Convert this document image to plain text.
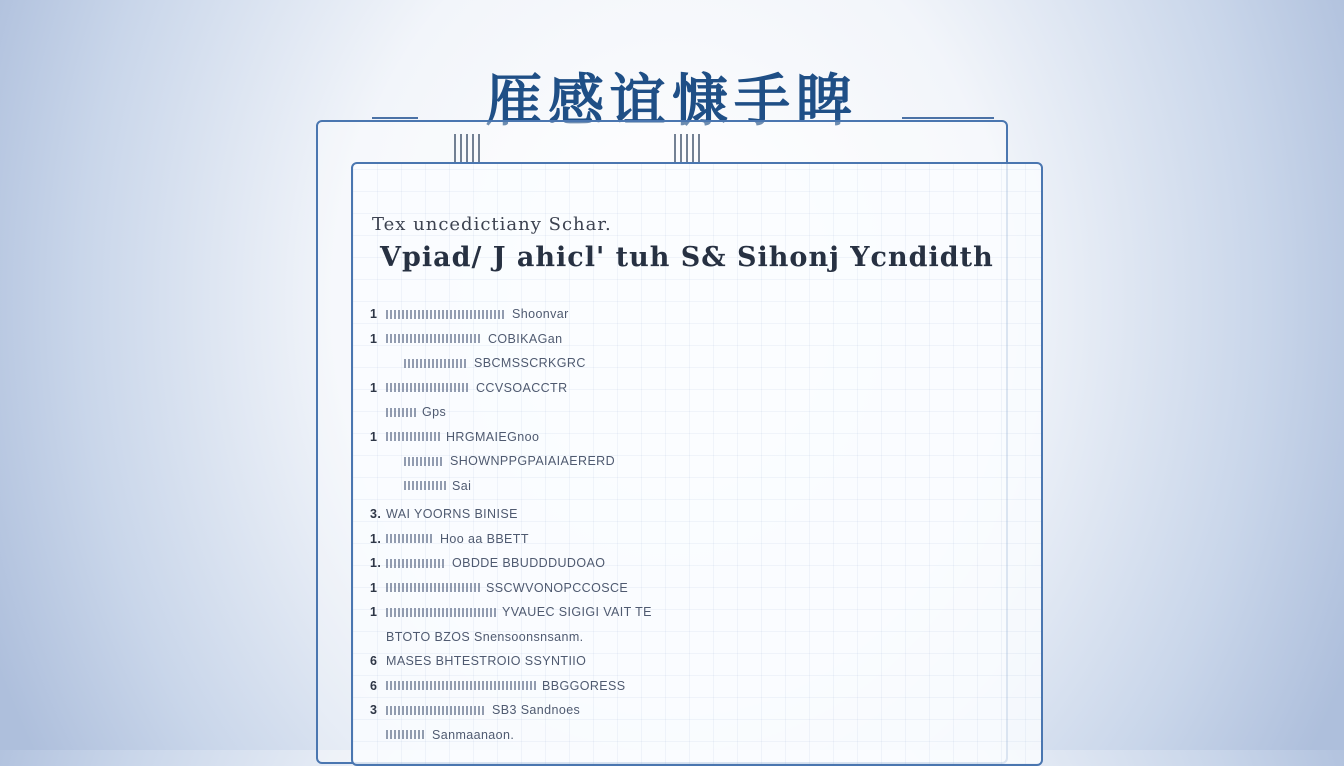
㕍感谊慷手睥
Tex uncedictiany Schar.
Vpiad/ J ahicl' tuh S& Sihonj Ycndidth
1	Shoonvar
1	COBIKAGan
SBCMSSCRKGRC
1	CCVSOACCTR
Gps
1	HRGMAIEGnoo
SHOWNPPGPAIAIAERERD
Sai
3. WAI YOORNS BINISE
1.	Hoo aa BBETT
1.	OBDDE BBUDDDUDOAO
1	SSCWVONOPCCOSCE
1	YVAUEC SIGIGI VAIT TE
BTOTO BZOS Snensoonsnsanm.
6 MASES BHTESTROIO SSYNTIIO
6	BBGGORESS
3	SB3 Sandnoes
Sanmaanaon.
